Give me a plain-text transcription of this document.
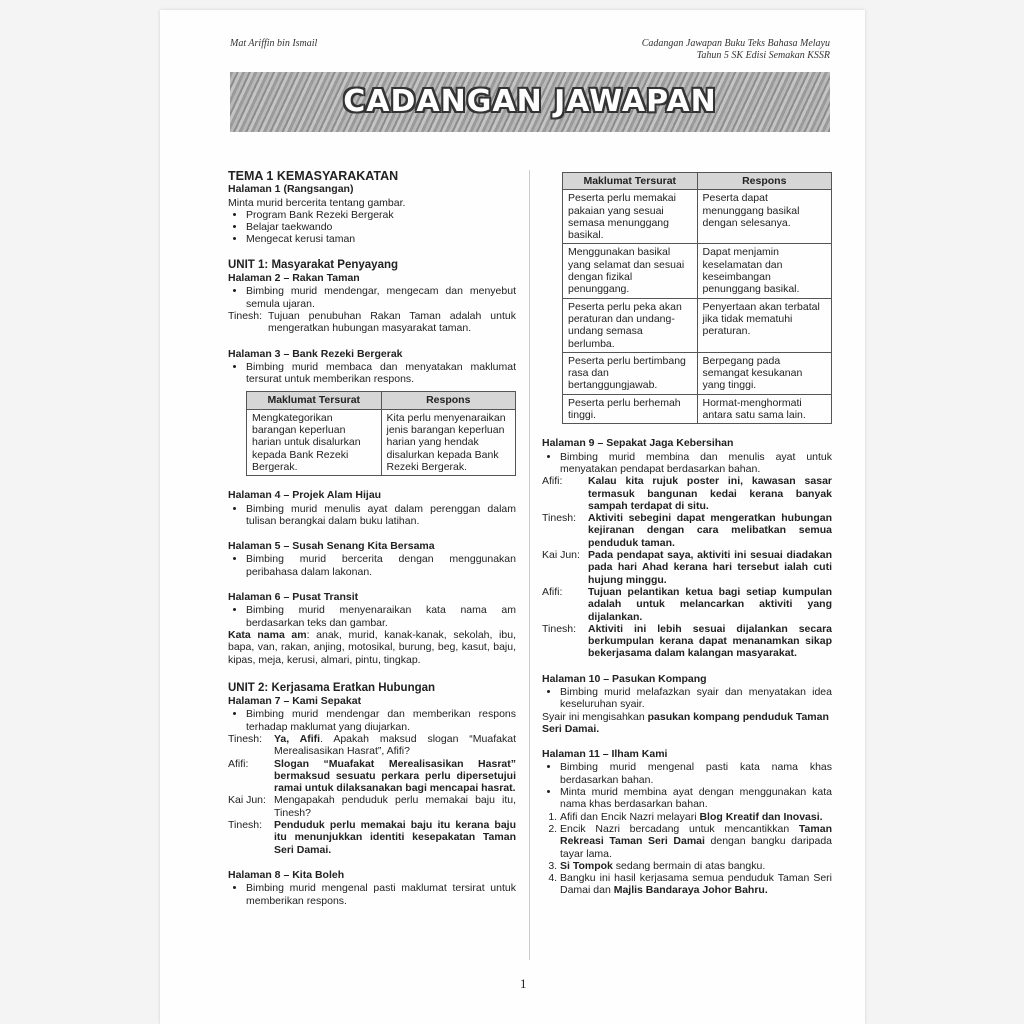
Mat Ariffin bin Ismail	Cadangan Jawapan Buku Teks Bahasa Melayu
Tahun 5 SK Edisi Semakan KSSR
CADANGAN JAWAPAN
TEMA 1 KEMASYARAKATAN
Halaman 1 (Rangsangan)

Minta murid bercerita tentang gambar.

• Program Bank Rezeki Bergerak
• Belajar taekwando
• Mengecat kerusi taman
UNIT 1: Masyarakat Penyayang
Halaman 2 – Rakan Taman
• Bimbing murid mendengar, mengecam dan menyebut semula ujaran.
Tinesh: Tujuan penubuhan Rakan Taman adalah untuk mengeratkan hubungan masyarakat taman.
Halaman 3 – Bank Rezeki Bergerak
• Bimbing murid membaca dan menyatakan maklumat tersurat untuk memberikan respons.
Maklumat Tersurat	Respons
Mengkategorikan barangan keperluan harian untuk disalurkan kepada Bank Rezeki Bergerak.	Kita perlu menyenaraikan jenis barangan keperluan harian yang hendak disalurkan kepada Bank Rezeki Bergerak.
Halaman 4 – Projek Alam Hijau
• Bimbing murid menulis ayat dalam perenggan dalam tulisan berangkai dalam buku latihan.
Halaman 5 – Susah Senang Kita Bersama
• Bimbing murid bercerita dengan menggunakan peribahasa dalam lakonan.
Halaman 6 – Pusat Transit
• Bimbing murid menyenaraikan kata nama am berdasarkan teks dan gambar.

Kata nama am: anak, murid, kanak-kanak, sekolah, ibu, bapa, van, rakan, anjing, motosikal, burung, beg, kasut, baju, kipas, meja, kerusi, almari, pintu, tingkap.

UNIT 2: Kerjasama Eratkan Hubungan
Halaman 7 – Kami Sepakat
• Bimbing murid mendengar dan memberikan respons terhadap maklumat yang diujarkan.
Tinesh:	Ya, Afifi. Apakah maksud slogan “Muafakat Merealisasikan Hasrat”, Afifi?
Afifi:	Slogan “Muafakat Merealisasikan Hasrat” bermaksud sesuatu perkara perlu dipersetujui ramai untuk dilaksanakan bagi mencapai hasrat.
Kai Jun: Mengapakah penduduk perlu memakai baju itu, Tinesh?
Tinesh:	Penduduk perlu memakai baju itu kerana baju itu menunjukkan identiti kesepakatan Taman Seri Damai.
Halaman 8 – Kita Boleh
• Bimbing murid mengenal pasti maklumat tersirat untuk memberikan respons.
Maklumat Tersurat	Respons
Peserta perlu memakai pakaian yang sesuai semasa menunggang basikal.	Peserta dapat menunggang basikal dengan selesanya.
Menggunakan basikal yang selamat dan sesuai dengan fizikal penunggang.	Dapat menjamin keselamatan dan keseimbangan penunggang basikal.
Peserta perlu peka akan peraturan dan undang-undang semasa berlumba.	Penyertaan akan terbatal jika tidak mematuhi peraturan.
Peserta perlu bertimbang rasa dan bertanggungjawab.	Berpegang pada semangat kesukanan yang tinggi.
Peserta perlu berhemah tinggi.	Hormat-menghormati antara satu sama lain.
Halaman 9 – Sepakat Jaga Kebersihan
• Bimbing murid membina dan menulis ayat untuk menyatakan pendapat berdasarkan bahan.
Afifi:	Kalau kita rujuk poster ini, kawasan sasar termasuk bangunan kedai kerana banyak sampah terdapat di situ.
Tinesh:	Aktiviti sebegini dapat mengeratkan hubungan kejiranan dengan cara melibatkan semua penduduk taman.
Kai Jun: Pada pendapat saya, aktiviti ini sesuai diadakan pada hari Ahad kerana hari tersebut ialah cuti hujung minggu.
Afifi:	Tujuan pelantikan ketua bagi setiap kumpulan adalah untuk melancarkan aktiviti yang dijalankan.
Tinesh:	Aktiviti ini lebih sesuai dijalankan secara berkumpulan kerana dapat menanamkan sikap bekerjasama dalam kalangan masyarakat.
Halaman 10 – Pasukan Kompang
• Bimbing murid melafazkan syair dan menyatakan idea keseluruhan syair.

Syair ini mengisahkan pasukan kompang penduduk Taman Seri Damai.

Halaman 11 – Ilham Kami
• Bimbing murid mengenal pasti kata nama khas berdasarkan bahan.
• Minta murid membina ayat dengan menggunakan kata nama khas berdasarkan bahan.
1. Afifi dan Encik Nazri melayari Blog Kreatif dan Inovasi.
2. Encik Nazri bercadang untuk mencantikkan Taman Rekreasi Taman Seri Damai dengan bangku daripada tayar lama.
3. Si Tompok sedang bermain di atas bangku.
4. Bangku ini hasil kerjasama semua penduduk Taman Seri Damai dan Majlis Bandaraya Johor Bahru.
1
